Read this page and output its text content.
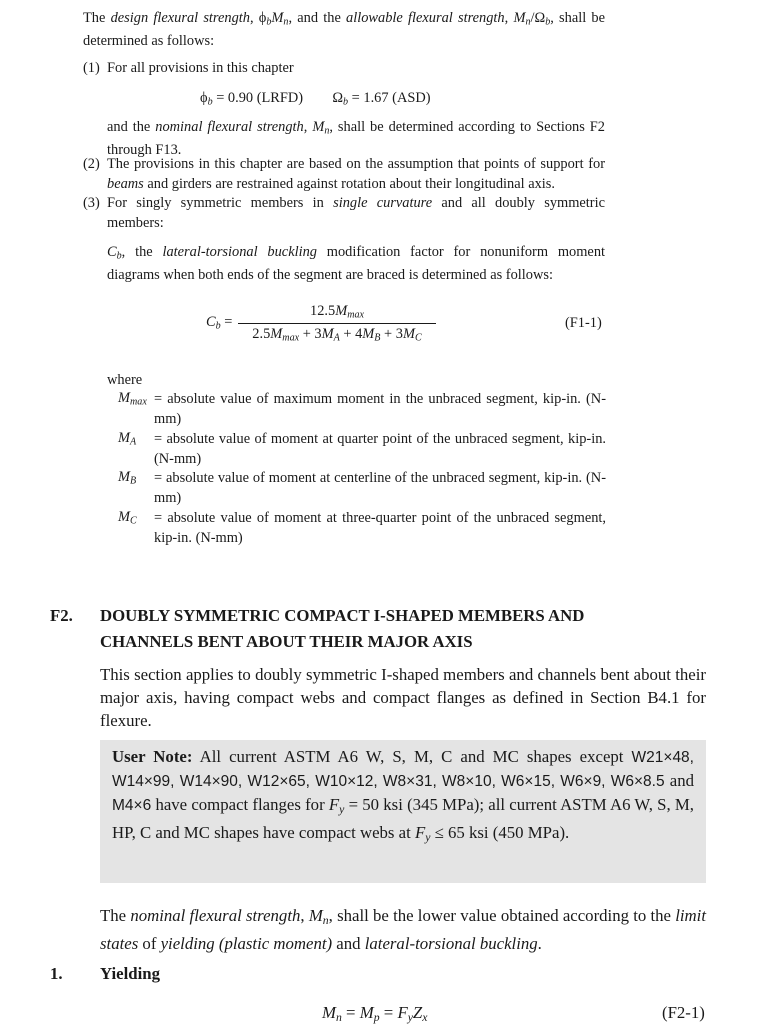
The design flexural strength, $\phi_bM_n$, and the allowable flexural strength, $M_n/\Omega_b$, shall be determined as follows:
(1) For all provisions in this chapter
$\phi_b = 0.90$ (LRFD) $\Omega_b = 1.67$ (ASD)
and the nominal flexural strength, $M_n$, shall be determined according to Sections F2 through F13.
(2) The provisions in this chapter are based on the assumption that points of support for beams and girders are restrained against rotation about their longitudinal axis.
(3) For singly symmetric members in single curvature and all doubly symmetric members:
$C_b$, the lateral-torsional buckling modification factor for nonuniform moment diagrams when both ends of the segment are braced is determined as follows:
$C_b$ =
$12.5M_{max}$
$2.5M_{max} + 3M_A + 4M_B + 3M_C$
(F1-1)
where
$M_{max}$ = absolute value of maximum moment in the unbraced segment, kip-in. (N-mm)
$M_A$ = absolute value of moment at quarter point of the unbraced segment, kip-in. (N-mm)
$M_B$ = absolute value of moment at centerline of the unbraced segment, kip-in. (N-mm)
$M_C$ = absolute value of moment at three-quarter point of the unbraced segment, kip-in. (N-mm)
F2. DOUBLY SYMMETRIC COMPACT I-SHAPED MEMBERS AND
CHANNELS BENT ABOUT THEIR MAJOR AXIS
This section applies to doubly symmetric I-shaped members and channels bent about their major axis, having compact webs and compact flanges as defined in Section B4.1 for flexure.
User Note: All current ASTM A6 W, S, M, C and MC shapes except W21×48, W14×99, W14×90, W12×65, W10×12, W8×31, W8×10, W6×15, W6×9, W6×8.5 and M4×6 have compact flanges for $F_y = 50$ ksi (345 MPa); all current ASTM A6 W, S, M, HP, C and MC shapes have compact webs at $F_y \le 65$ ksi (450 MPa).
The nominal flexural strength, $M_n$, shall be the lower value obtained according to the limit states of yielding (plastic moment) and lateral-torsional buckling.
1. Yielding
$M_n = M_p = F_yZ_x$	(F2-1)
